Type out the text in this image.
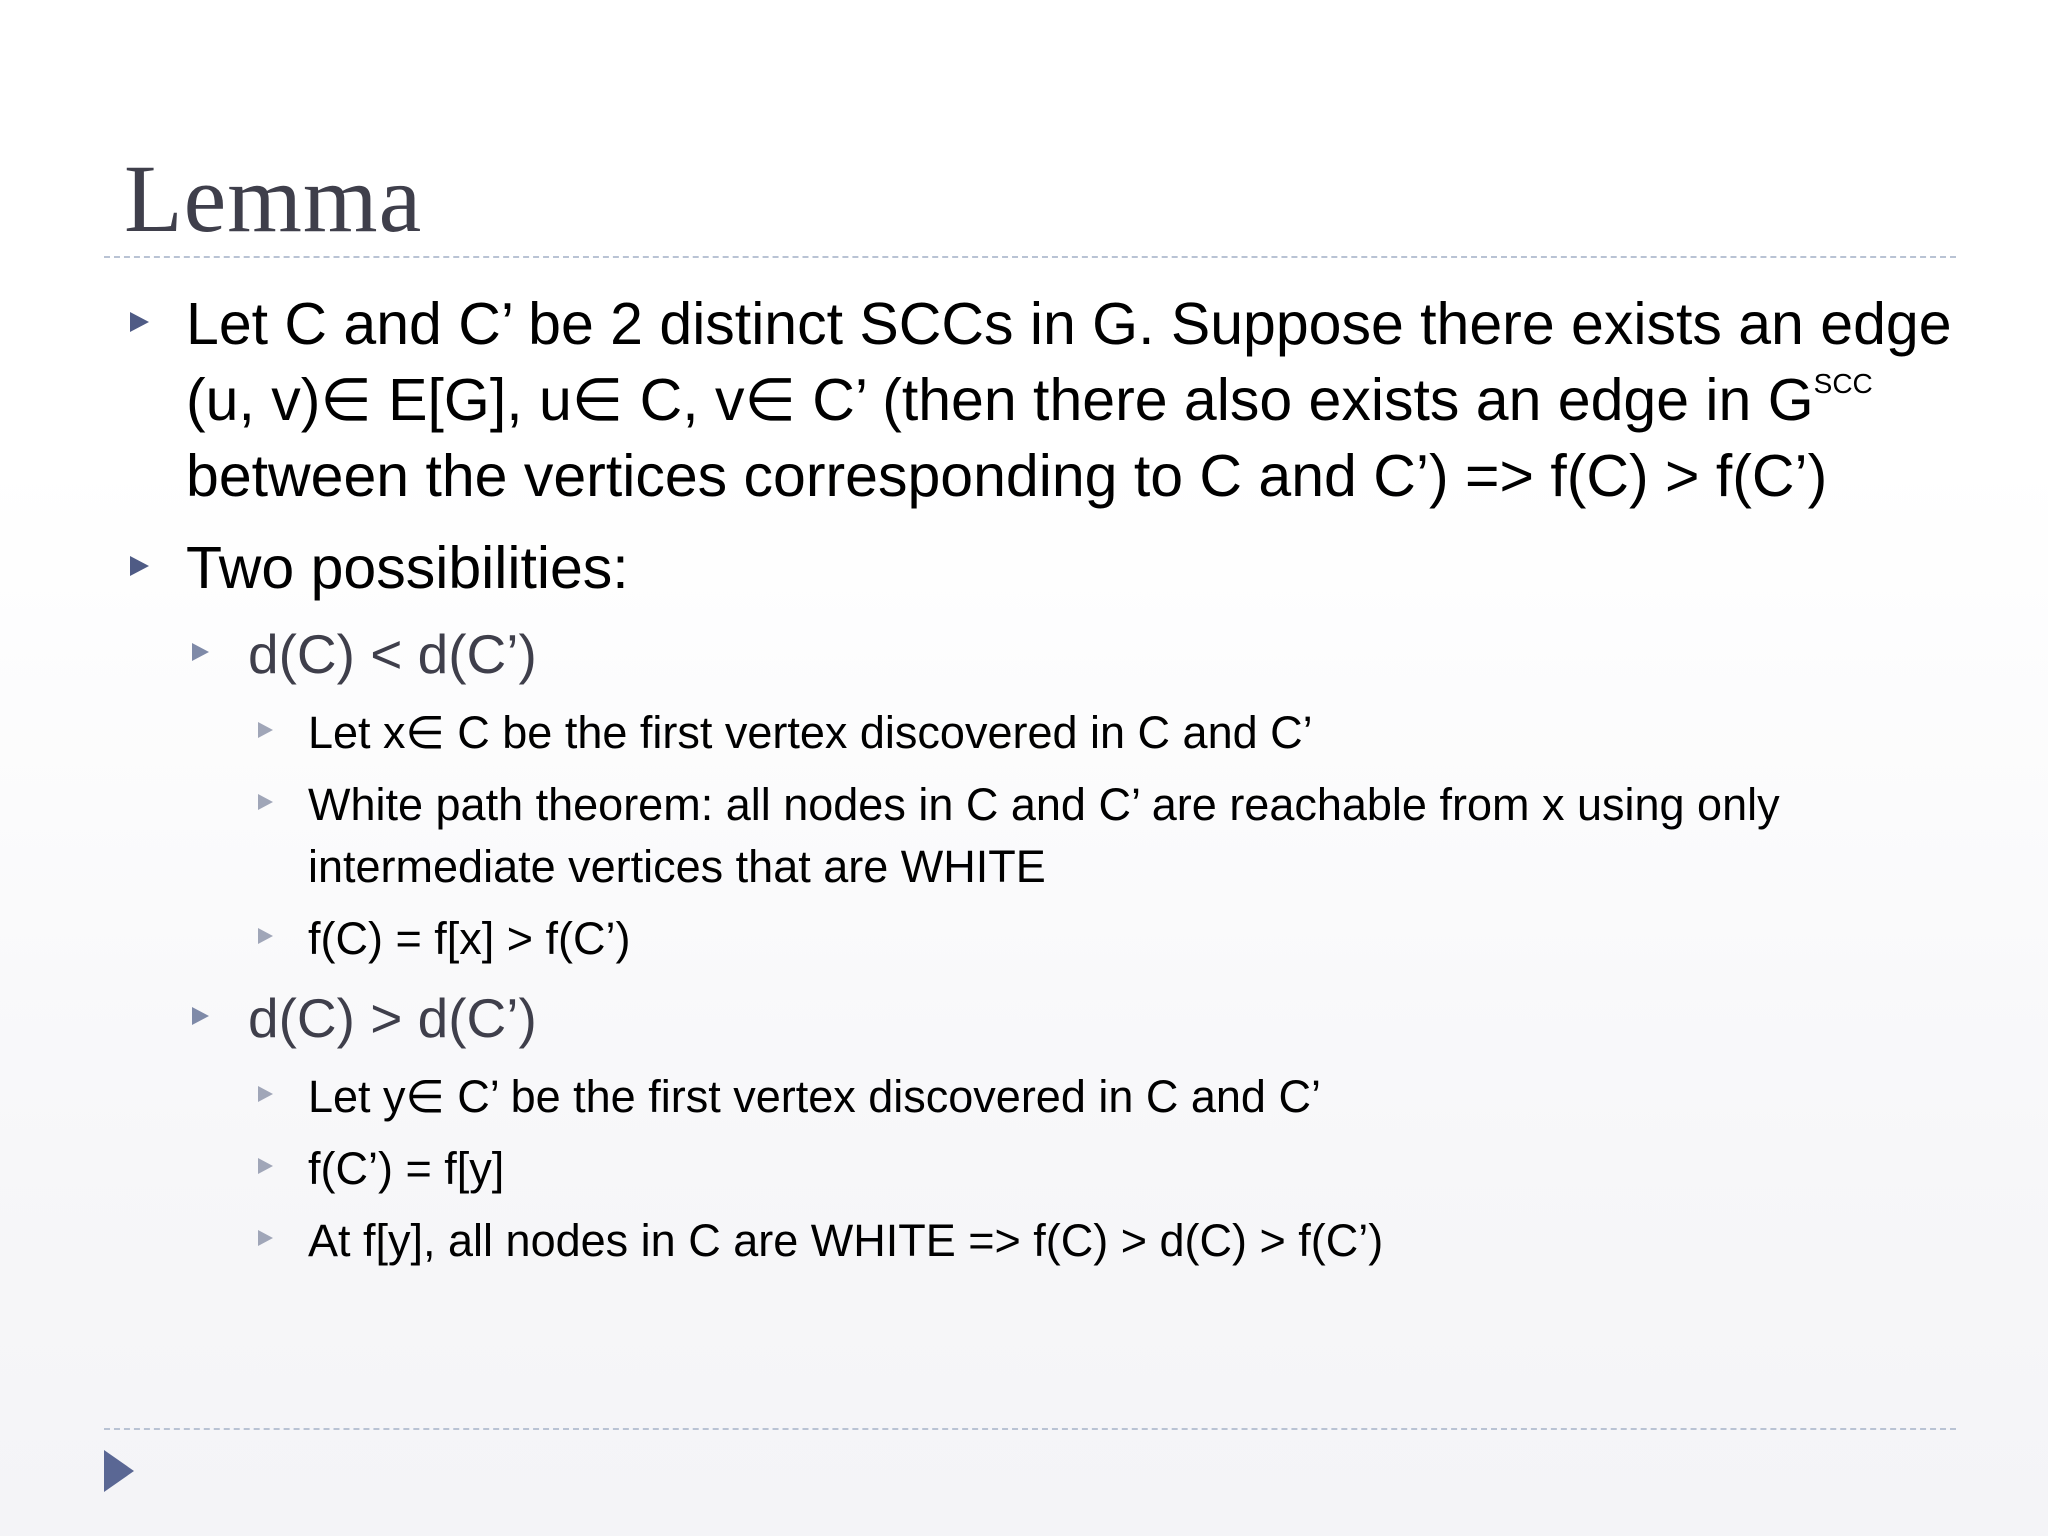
Lemma
Let C and C’ be 2 distinct SCCs in G. Suppose there exists an edge (u, v)∈ E[G], u∈ C, v∈ C’ (then there also exists an edge in $G^{SCC}$ between the vertices corresponding to C and C’) => f(C) > f(C’)
Two possibilities:
d(C) < d(C’)
Let x∈ C be the first vertex discovered in C and C’
White path theorem: all nodes in C and C’ are reachable from x using only intermediate vertices that are WHITE
f(C) = f[x] > f(C’)
d(C) > d(C’)
Let y∈ C’ be the first vertex discovered in C and C’
f(C’) = f[y]
At f[y], all nodes in C are WHITE => f(C) > d(C) > f(C’)
